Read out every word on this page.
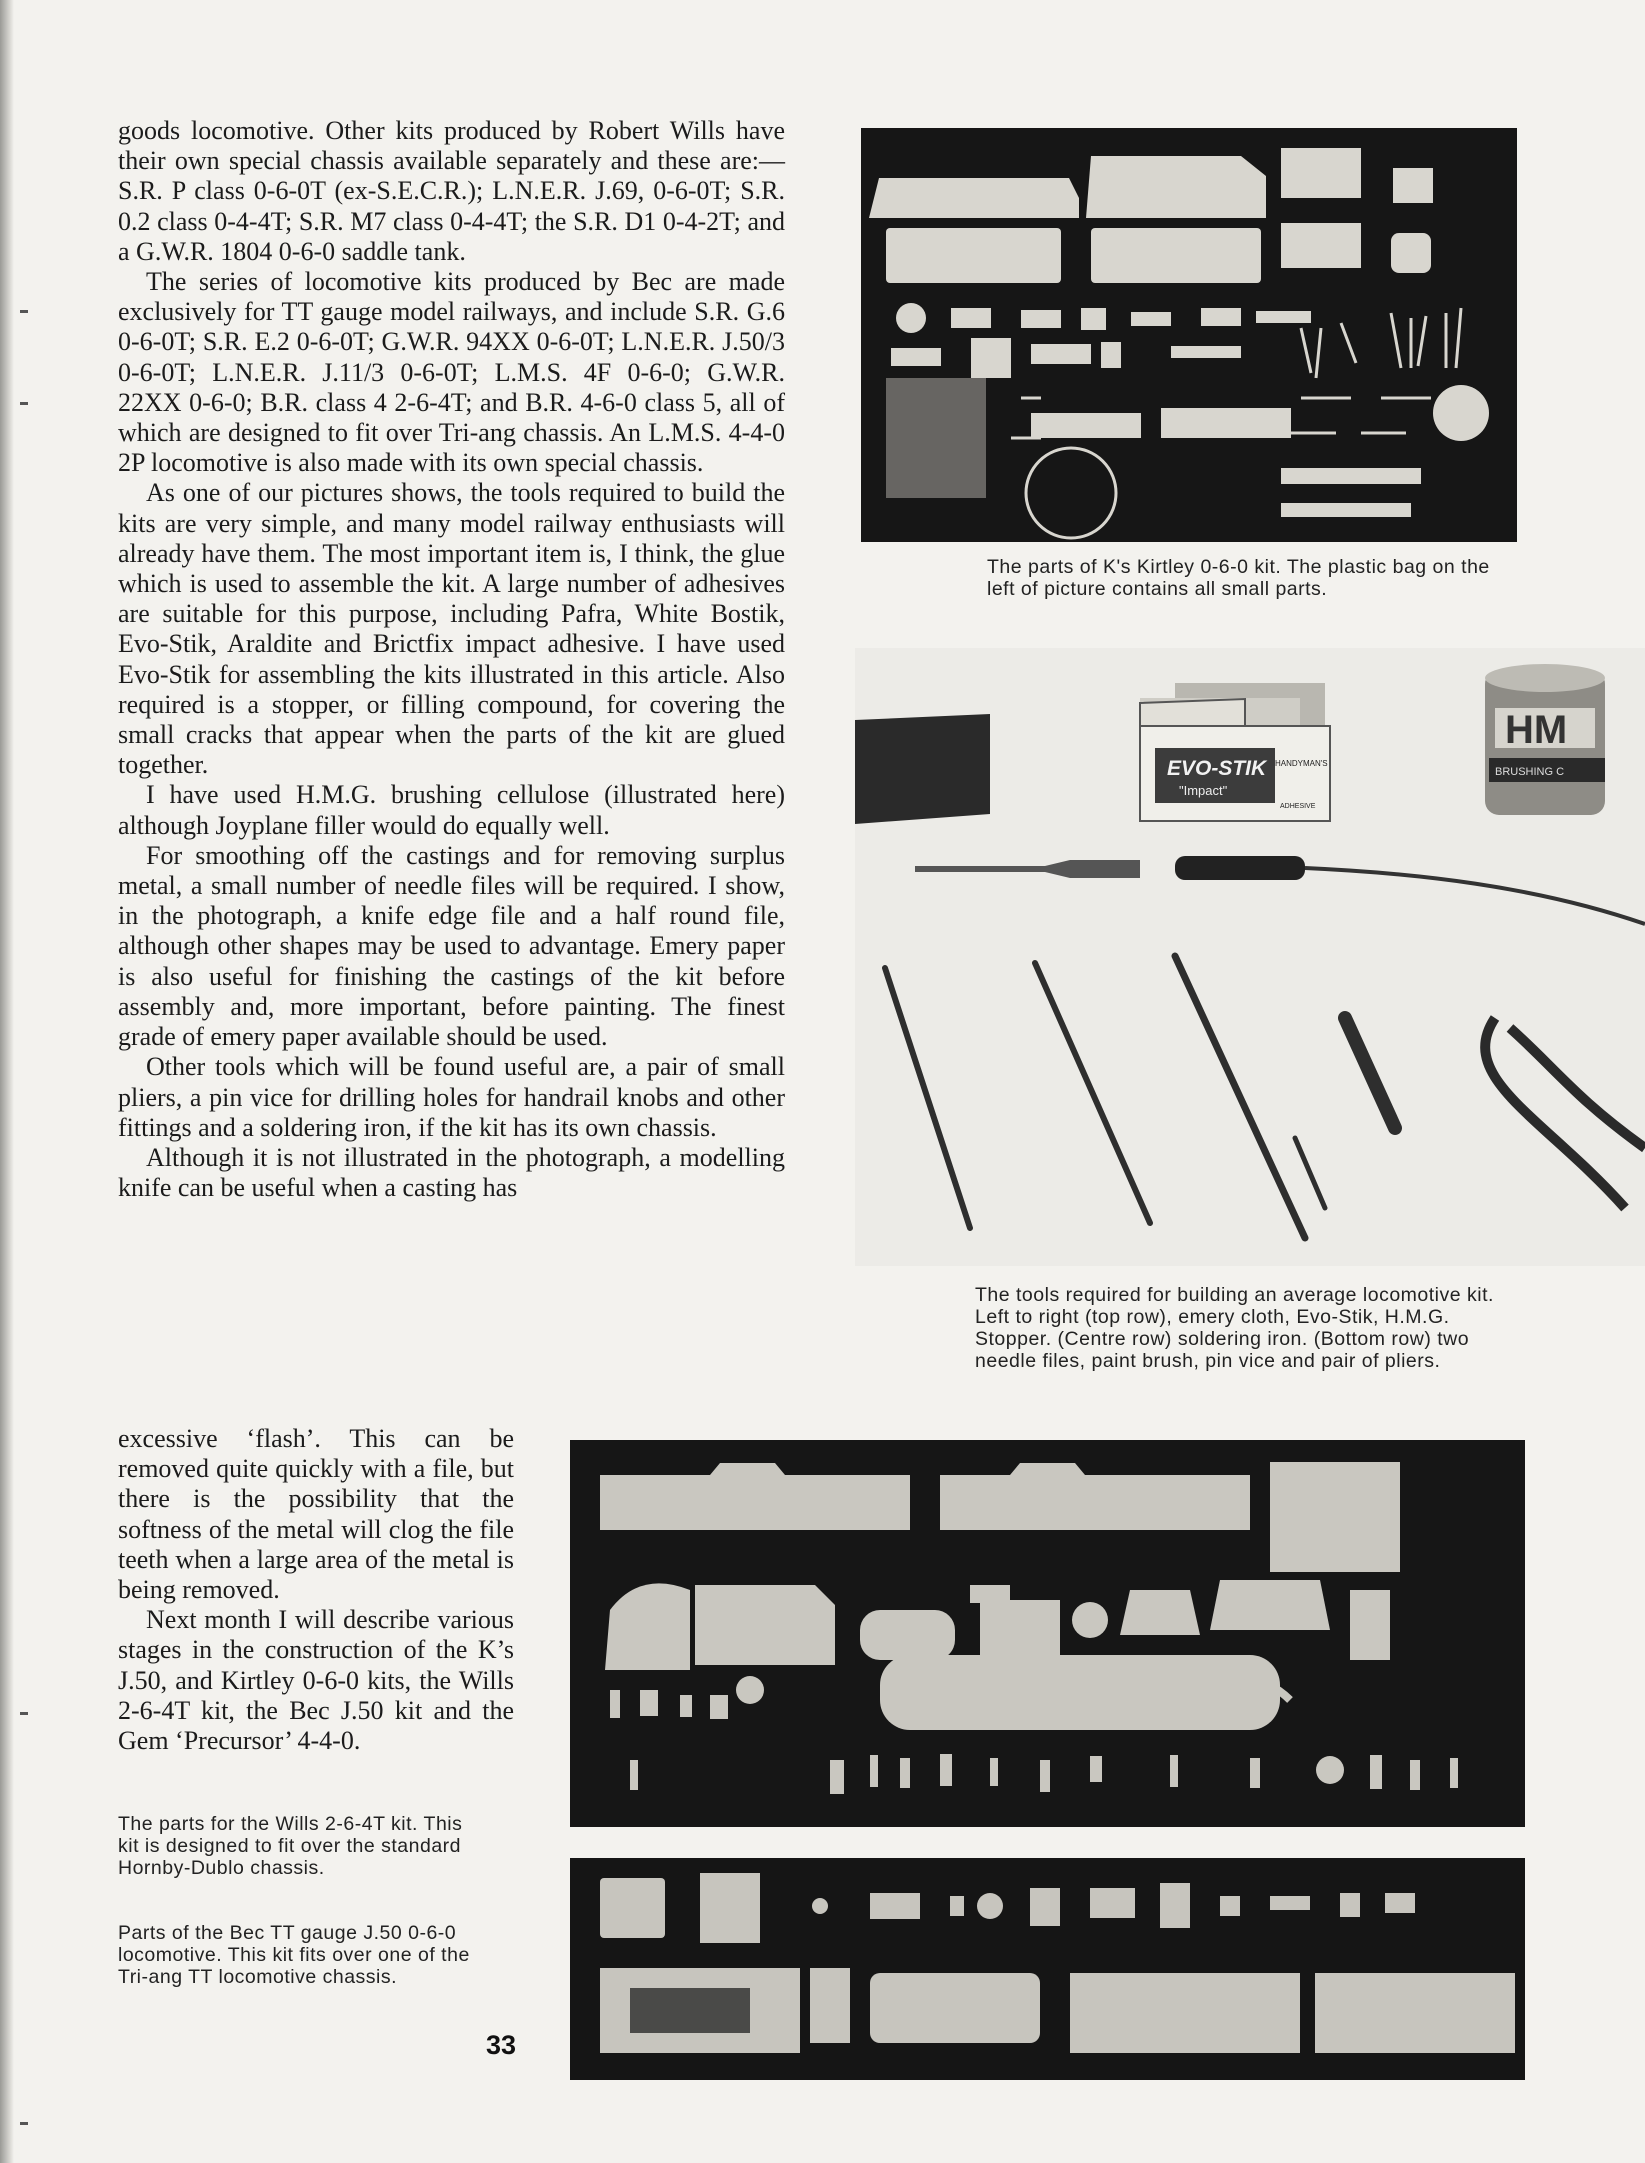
goods locomotive. Other kits produced by Robert Wills have their own special chassis available separately and these are:—S.R. P class 0-6-0T (ex-S.E.C.R.); L.N.E.R. J.69, 0-6-0T; S.R. 0.2 class 0-4-4T; S.R. M7 class 0-4-4T; the S.R. D1 0-4-2T; and a G.W.R. 1804 0-6-0 saddle tank.

The series of locomotive kits produced by Bec are made exclusively for TT gauge model railways, and include S.R. G.6 0-6-0T; S.R. E.2 0-6-0T; G.W.R. 94XX 0-6-0T; L.N.E.R. J.50/3 0-6-0T; L.N.E.R. J.11/3 0-6-0T; L.M.S. 4F 0-6-0; G.W.R. 22XX 0-6-0; B.R. class 4 2-6-4T; and B.R. 4-6-0 class 5, all of which are designed to fit over Tri-ang chassis. An L.M.S. 4-4-0 2P locomotive is also made with its own special chassis.

As one of our pictures shows, the tools required to build the kits are very simple, and many model railway enthusiasts will already have them. The most important item is, I think, the glue which is used to assemble the kit. A large number of adhesives are suitable for this purpose, including Pafra, White Bostik, Evo-Stik, Araldite and Brictfix impact adhesive. I have used Evo-Stik for assembling the kits illustrated in this article. Also required is a stopper, or filling compound, for covering the small cracks that appear when the parts of the kit are glued together.

I have used H.M.G. brushing cellulose (illustrated here) although Joyplane filler would do equally well.

For smoothing off the castings and for removing surplus metal, a small number of needle files will be required. I show, in the photograph, a knife edge file and a half round file, although other shapes may be used to advantage. Emery paper is also useful for finishing the castings of the kit before assembly and, more important, before painting. The finest grade of emery paper available should be used.

Other tools which will be found useful are, a pair of small pliers, a pin vice for drilling holes for handrail knobs and other fittings and a soldering iron, if the kit has its own chassis.

Although it is not illustrated in the photograph, a modelling knife can be useful when a casting has

excessive ‘flash’. This can be removed quite quickly with a file, but there is the possibility that the softness of the metal will clog the file teeth when a large area of the metal is being removed.

Next month I will describe various stages in the construction of the K’s J.50, and Kirtley 0-6-0 kits, the Wills 2-6-4T kit, the Bec J.50 kit and the Gem ‘Precursor’ 4-4-0.

The parts of K's Kirtley 0-6-0 kit. The plastic bag on the left of picture contains all small parts.
EVO-STIK
"Impact"
HANDYMAN'S
ADHESIVE
HM
BRUSHING C
The tools required for building an average locomotive kit. Left to right (top row), emery cloth, Evo-Stik, H.M.G. Stopper. (Centre row) soldering iron. (Bottom row) two needle files, paint brush, pin vice and pair of pliers.
The parts for the Wills 2-6-4T kit. This kit is designed to fit over the standard Hornby-Dublo chassis.
Parts of the Bec TT gauge J.50 0-6-0 locomotive. This kit fits over one of the Tri-ang TT locomotive chassis.
33
